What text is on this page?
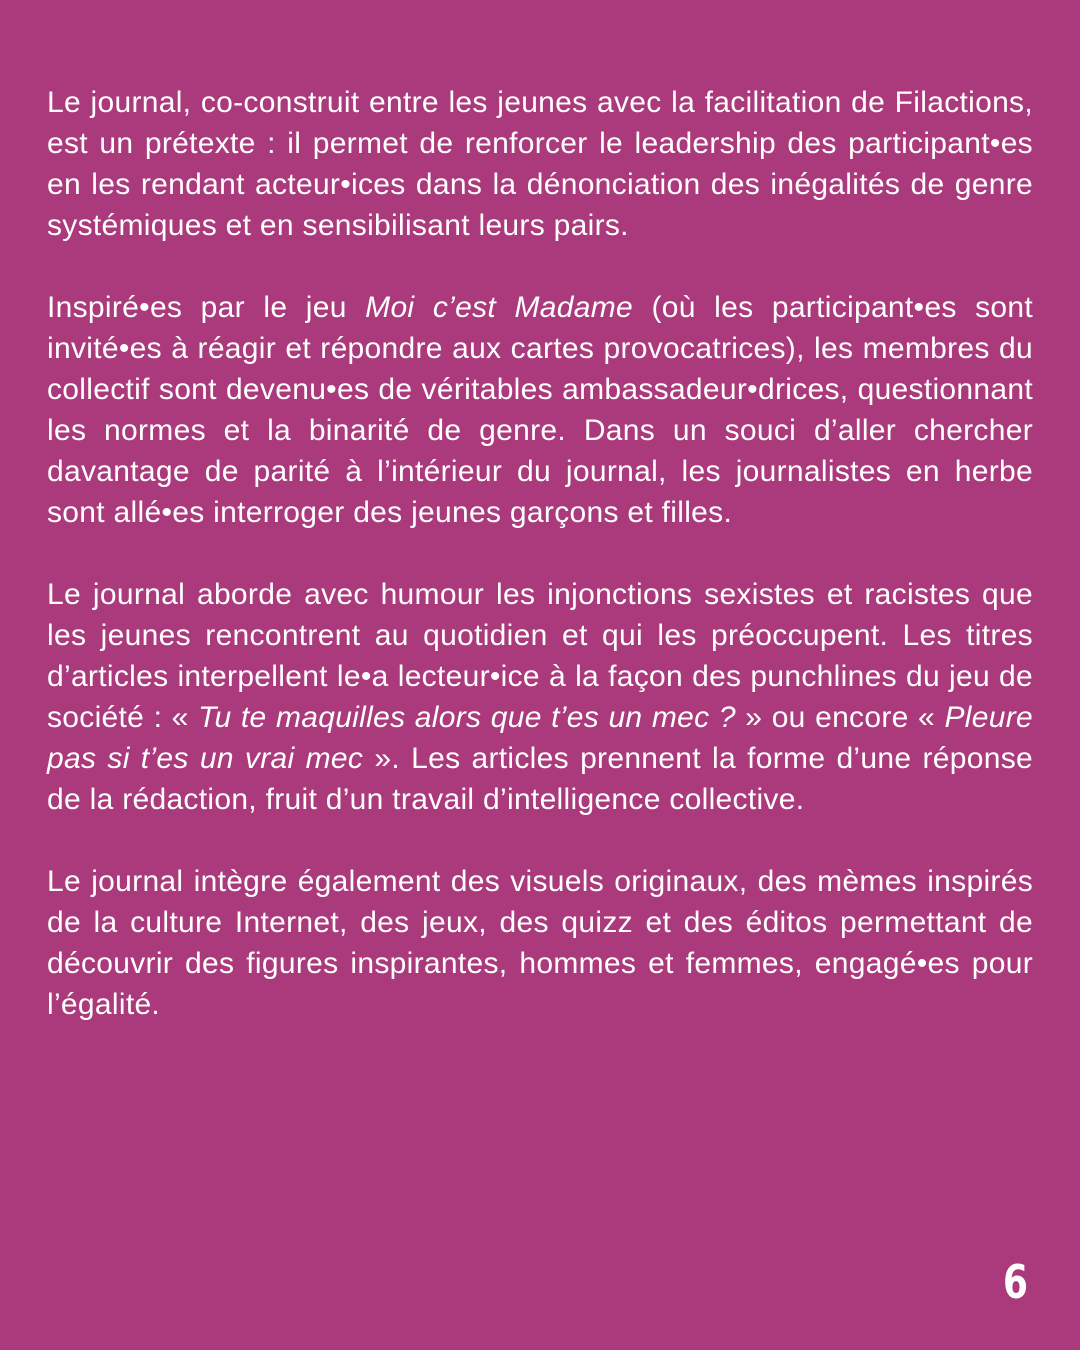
Le journal, co-construit entre les jeunes avec la facilitation de Filactions, est un prétexte : il permet de renforcer le leadership des participant•es en les rendant acteur•ices dans la dénonciation des inégalités de genre systémiques et en sensibilisant leurs pairs.

Inspiré•es par le jeu Moi c’est Madame (où les participant•es sont invité•es à réagir et répondre aux cartes provocatrices), les membres du collectif sont devenu•es de véritables ambassadeur•drices, questionnant les normes et la binarité de genre. Dans un souci d’aller chercher davantage de parité à l’intérieur du journal, les journalistes en herbe sont allé•es interroger des jeunes garçons et filles.

Le journal aborde avec humour les injonctions sexistes et racistes que les jeunes rencontrent au quotidien et qui les préoccupent. Les titres d’articles interpellent le•a lecteur•ice à la façon des punchlines du jeu de société : « Tu te maquilles alors que t’es un mec ? » ou encore « Pleure pas si t’es un vrai mec ». Les articles prennent la forme d’une réponse de la rédaction, fruit d’un travail d’intelligence collective.

Le journal intègre également des visuels originaux, des mèmes inspirés de la culture Internet, des jeux, des quizz et des éditos permettant de découvrir des figures inspirantes, hommes et femmes, engagé•es pour l’égalité.

6
